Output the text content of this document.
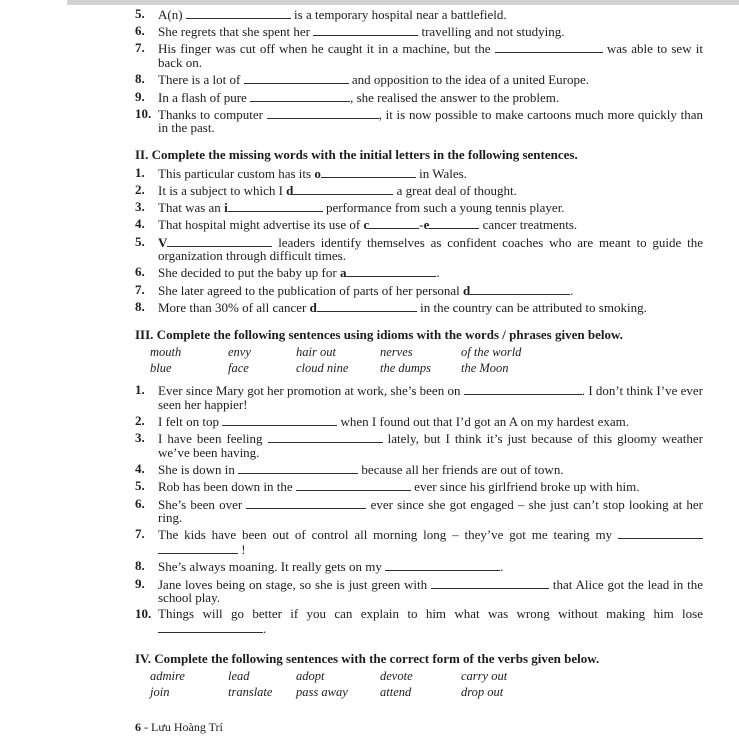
5.	A(n)	is a temporary hospital near a battlefield.
6.	She regrets that she spent her	travelling and not studying.
7.	His finger was cut off when he caught it in a machine, but the	was able to sew it back on.
8.	There is a lot of	and opposition to the idea of a united Europe.
9.	In a flash of pure	, she realised the answer to the problem.
10. Thanks to computer	, it is now possible to make cartoons much more quickly than in the past.
II. Complete the missing words with the initial letters in the following sentences.
1.	This particular custom has its o	in Wales.
2.	It is a subject to which I d	a great deal of thought.
3.	That was an i	performance from such a young tennis player.
4.	That hospital might advertise its use of c	-e	cancer treatments.
5.	V	leaders identify themselves as confident coaches who are meant to guide the organization through difficult times.
6.	She decided to put the baby up for a	.
7.	She later agreed to the publication of parts of her personal d	.
8.	More than 30% of all cancer d	in the country can be attributed to smoking.
III. Complete the following sentences using idioms with the words / phrases given below.
mouth	envy	hair out	nerves	of the world
blue	face	cloud nine	the dumps	the Moon
1.	Ever since Mary got her promotion at work, she’s been on	. I don’t think I’ve ever seen her happier!
2.	I felt on top	when I found out that I’d got an A on my hardest exam.
3.	I have been feeling	lately, but I think it’s just because of this gloomy weather we’ve been having.
4.	She is down in	because all her friends are out of town.
5.	Rob has been down in the	ever since his girlfriend broke up with him.
6.	She’s been over	ever since she got engaged – she just can’t stop looking at her ring.
7.	The kids have been out of control all morning long – they’ve got me tearing my   !
8.	She’s always moaning. It really gets on my	.
9.	Jane loves being on stage, so she is just green with	that Alice got the lead in the school play.
10. Things will go better if you can explain to him what was wrong without making him lose .
IV. Complete the following sentences with the correct form of the verbs given below.
admire	lead	adopt	devote	carry out
join	translate	pass away	attend	drop out
6 - Lưu Hoàng Trí
